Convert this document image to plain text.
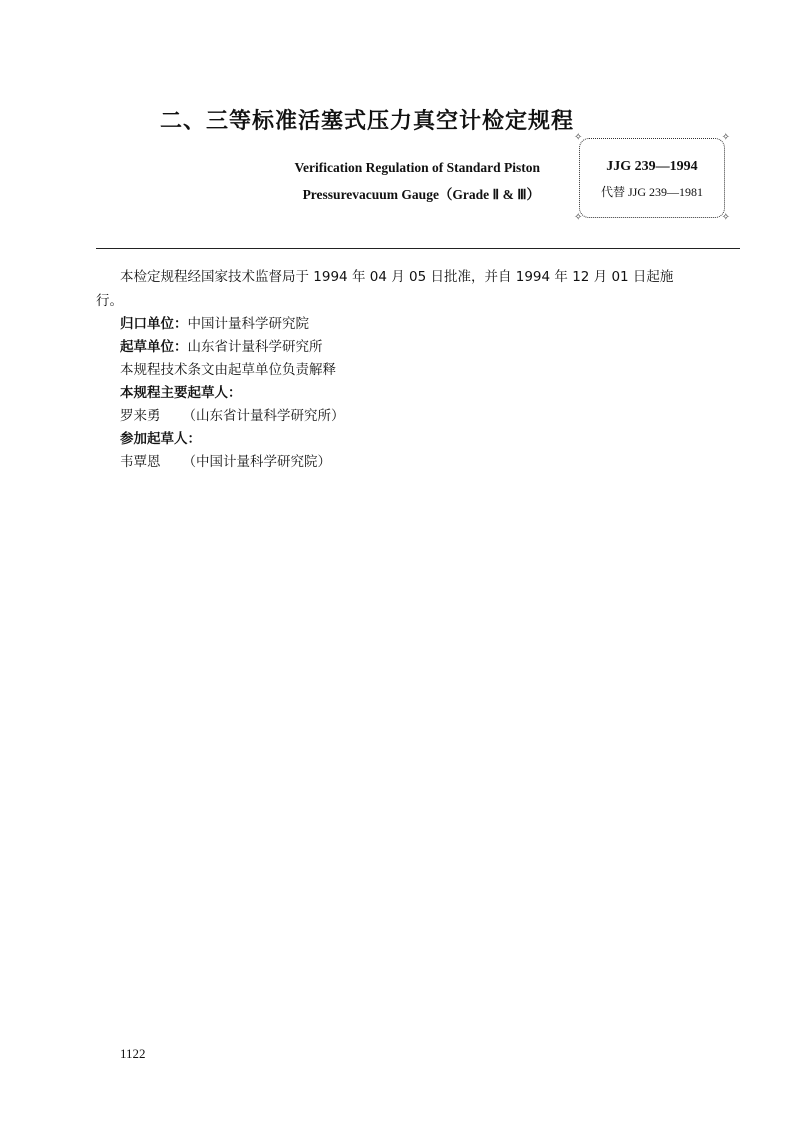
二、三等标准活塞式压力真空计检定规程
Verification Regulation of Standard Piston
Pressurevacuum Gauge（Grade Ⅱ & Ⅲ）
✧	✧
✧	✧
JJG 239—1994
代替 JJG 239—1981
本检定规程经国家技术监督局于 1994 年 04 月 05 日批准，并自 1994 年 12 月 01 日起施
行。
归口单位：中国计量科学研究院
起草单位：山东省计量科学研究所
本规程技术条文由起草单位负责解释
本规程主要起草人：
罗来勇 （山东省计量科学研究所）
参加起草人：
韦覃恩 （中国计量科学研究院）
1122
